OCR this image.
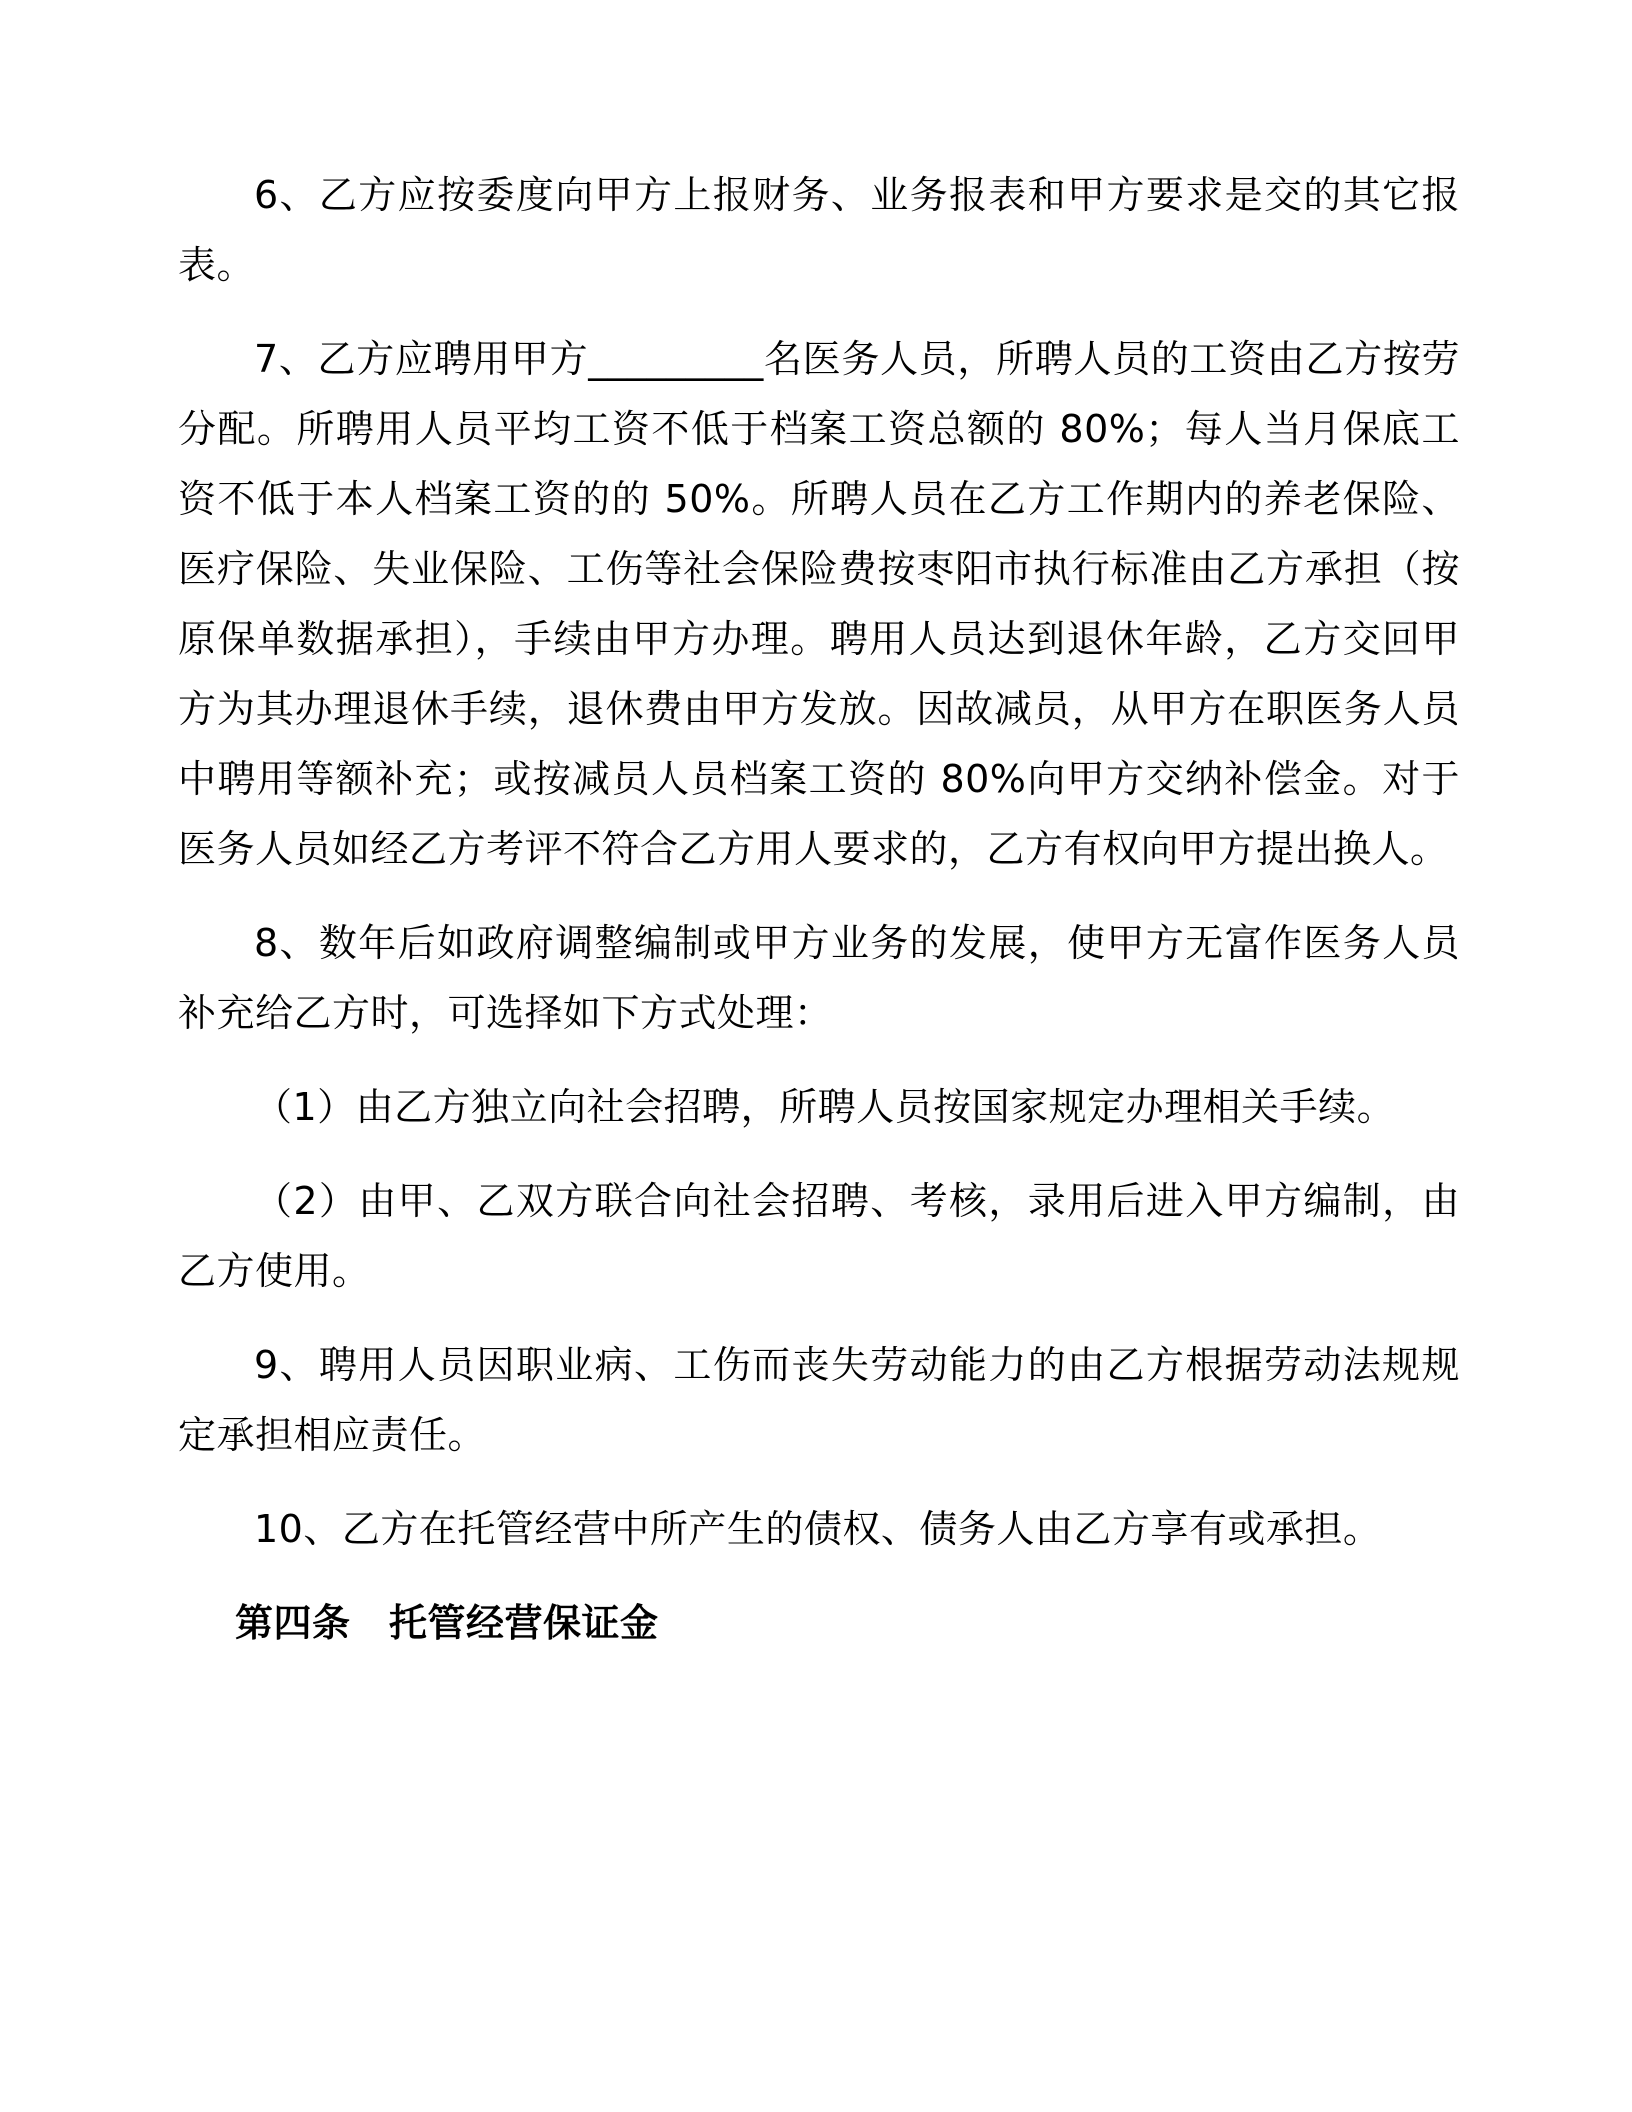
6、乙方应按委度向甲方上报财务、业务报表和甲方要求是交的其它报表。

7、乙方应聘用甲方_________名医务人员，所聘人员的工资由乙方按劳分配。所聘用人员平均工资不低于档案工资总额的 80%；每人当月保底工资不低于本人档案工资的的 50%。所聘人员在乙方工作期内的养老保险、医疗保险、失业保险、工伤等社会保险费按枣阳市执行标准由乙方承担（按原保单数据承担），手续由甲方办理。聘用人员达到退休年龄，乙方交回甲方为其办理退休手续，退休费由甲方发放。因故减员，从甲方在职医务人员中聘用等额补充；或按减员人员档案工资的 80%向甲方交纳补偿金。对于医务人员如经乙方考评不符合乙方用人要求的，乙方有权向甲方提出换人。

8、数年后如政府调整编制或甲方业务的发展，使甲方无富作医务人员补充给乙方时，可选择如下方式处理：

（1）由乙方独立向社会招聘，所聘人员按国家规定办理相关手续。

（2）由甲、乙双方联合向社会招聘、考核，录用后进入甲方编制，由乙方使用。

9、聘用人员因职业病、工伤而丧失劳动能力的由乙方根据劳动法规规定承担相应责任。

10、乙方在托管经营中所产生的债权、债务人由乙方享有或承担。

第四条　托管经营保证金
